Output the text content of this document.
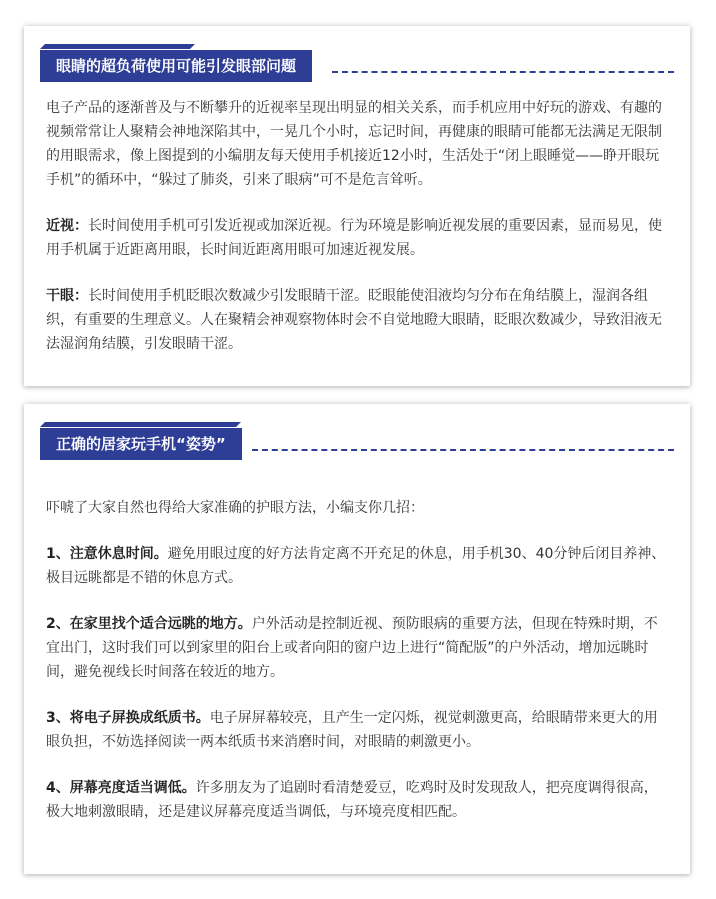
眼睛的超负荷使用可能引发眼部问题

电子产品的逐渐普及与不断攀升的近视率呈现出明显的相关关系，而手机应用中好玩的游戏、有趣的视频常常让人聚精会神地深陷其中，一晃几个小时，忘记时间，再健康的眼睛可能都无法满足无限制的用眼需求，像上图提到的小编朋友每天使用手机接近12小时，生活处于“闭上眼睡觉——睁开眼玩手机”的循环中，“躲过了肺炎，引来了眼病”可不是危言耸听。

近视：长时间使用手机可引发近视或加深近视。行为环境是影响近视发展的重要因素，显而易见，使用手机属于近距离用眼，长时间近距离用眼可加速近视发展。

干眼：长时间使用手机眨眼次数减少引发眼睛干涩。眨眼能使泪液均匀分布在角结膜上，湿润各组织，有重要的生理意义。人在聚精会神观察物体时会不自觉地瞪大眼睛，眨眼次数减少，导致泪液无法湿润角结膜，引发眼睛干涩。

正确的居家玩手机“姿势”

吓唬了大家自然也得给大家准确的护眼方法，小编支你几招：

1、注意休息时间。避免用眼过度的好方法肯定离不开充足的休息，用手机30、40分钟后闭目养神、极目远眺都是不错的休息方式。

2、在家里找个适合远眺的地方。户外活动是控制近视、预防眼病的重要方法，但现在特殊时期，不宜出门，这时我们可以到家里的阳台上或者向阳的窗户边上进行“简配版”的户外活动，增加远眺时间，避免视线长时间落在较近的地方。

3、将电子屏换成纸质书。电子屏屏幕较亮，且产生一定闪烁，视觉刺激更高，给眼睛带来更大的用眼负担，不妨选择阅读一两本纸质书来消磨时间，对眼睛的刺激更小。

4、屏幕亮度适当调低。许多朋友为了追剧时看清楚爱豆，吃鸡时及时发现敌人，把亮度调得很高，极大地刺激眼睛，还是建议屏幕亮度适当调低，与环境亮度相匹配。
